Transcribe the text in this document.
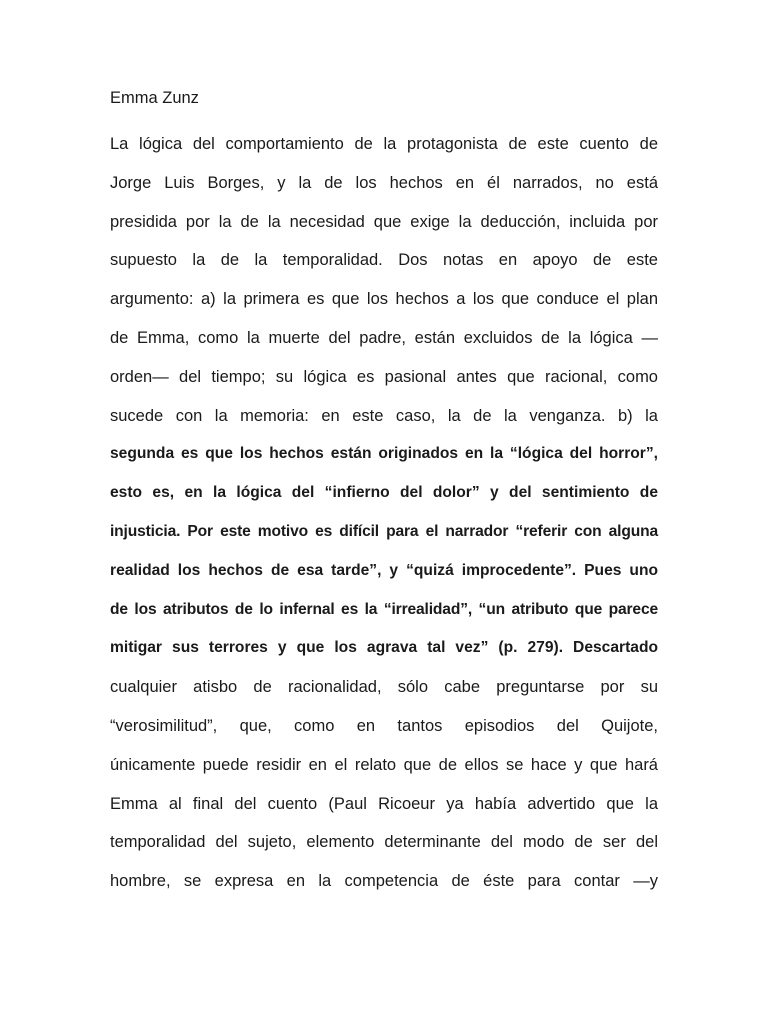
Emma Zunz
La lógica del comportamiento de la protagonista de este cuento de
Jorge Luis Borges, y la de los hechos en él narrados, no está
presidida por la de la necesidad que exige la deducción, incluida por
supuesto la de la temporalidad. Dos notas en apoyo de este
argumento: a) la primera es que los hechos a los que conduce el plan
de Emma, como la muerte del padre, están excluidos de la lógica —
orden— del tiempo; su lógica es pasional antes que racional, como
sucede con la memoria: en este caso, la de la venganza. b) la
segunda es que los hechos están originados en la “lógica del horror”,
esto es, en la lógica del “infierno del dolor” y del sentimiento de
injusticia. Por este motivo es difícil para el narrador “referir con alguna
realidad los hechos de esa tarde”, y “quizá improcedente”. Pues uno
de los atributos de lo infernal es la “irrealidad”, “un atributo que parece
mitigar sus terrores y que los agrava tal vez” (p. 279). Descartado
cualquier atisbo de racionalidad, sólo cabe preguntarse por su
“verosimilitud”, que, como en tantos episodios del Quijote,
únicamente puede residir en el relato que de ellos se hace y que hará
Emma al final del cuento (Paul Ricoeur ya había advertido que la
temporalidad del sujeto, elemento determinante del modo de ser del
hombre, se expresa en la competencia de éste para contar —y
